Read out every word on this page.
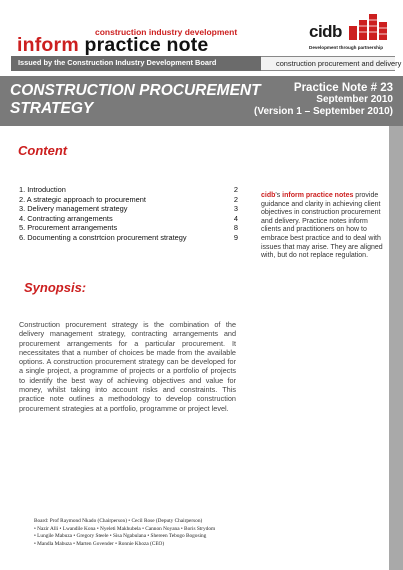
construction industry development
inform practice note
cidb
Development through partnership
Issued by the Construction Industry Development Board	construction procurement and delivery
CONSTRUCTION PROCUREMENT STRATEGY
Practice Note # 23
September 2010
(Version 1 – September 2010)
Content
1. Introduction	2
2. A strategic approach to procurement	2
3. Delivery management strategy	3
4. Contracting arrangements	4
5. Procurement arrangements	8
6. Documenting a constrtcion procurement strategy	9
cidb's inform practice notes provide guidance and clarity in achieving client objectives in construction procurement and delivery. Practice notes inform clients and practitioners on how to embrace best practice and to deal with issues that may arise. They are aligned with, but do not replace regulation.
Synopsis:
Construction procurement strategy is the combination of the delivery management strategy, contracting arrangements and procurement arrangements for a particular procurement. It necessitates that a number of choices be made from the available options. A construction procurement strategy can be developed for a single project, a programme of projects or a portfolio of projects to identify the best way of achieving objectives and value for money, whilst taking into account risks and constraints. This practice note outlines a methodology to develop construction procurement strategies at a portfolio, programme or project level.
Board: Prof Raymond Nkado (Chairperson) • Cecil Rose (Deputy Chairperson)
• Nazir Alli • Lwandile Kona • Nyeleti Makhubela • Cannon Noyana • Boris Strydom
• Lungile Mabuza • Gregory Steele • Sisa Ngabulana • Shereen Tebogo Bogosing
• Mandla Mabuza • Marten Govender • Ronnie Khoza (CEO)
